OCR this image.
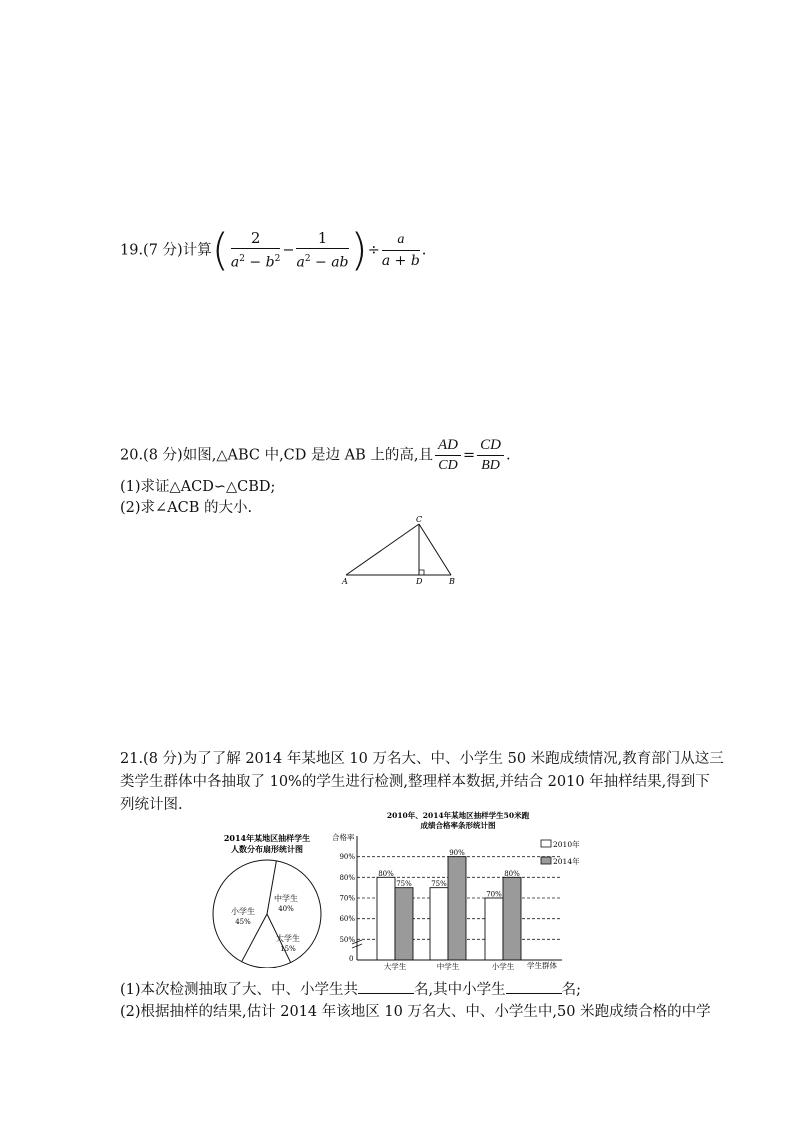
19.(7 分)计算( $\frac{2}{a^2 - b^2} - \frac{1}{a^2 - ab}$ )÷ $\frac{a}{a + b}$ .
20.(8 分)如图,△ABC 中,CD 是边 AB 上的高,且 $\frac{AD}{CD} = \frac{CD}{BD}$ .
(1)求证△ACD∽△CBD;
(2)求∠ACB 的大小.
C
A	D	B
21.(8 分)为了了解 2014 年某地区 10 万名大、中、小学生 50 米跑成绩情况,教育部门从这三
类学生群体中各抽取了 10%的学生进行检测,整理样本数据,并结合 2010 年抽样结果,得到下
列统计图.
2014年某地区抽样学生
人数分布扇形统计图
中学生
40%
大学生
15%
小学生
45%
2010年、2014年某地区抽样学生50米跑
成绩合格率条形统计图
合格率
学生群体
0
50%
60%
70%
80%
90%
80%
75%
大学生
75%
90%
中学生
70%
80%
小学生
2010年
2014年
(1)本次检测抽取了大、中、小学生共	名,其中小学生	名;
(2)根据抽样的结果,估计 2014 年该地区 10 万名大、中、小学生中,50 米跑成绩合格的中学
